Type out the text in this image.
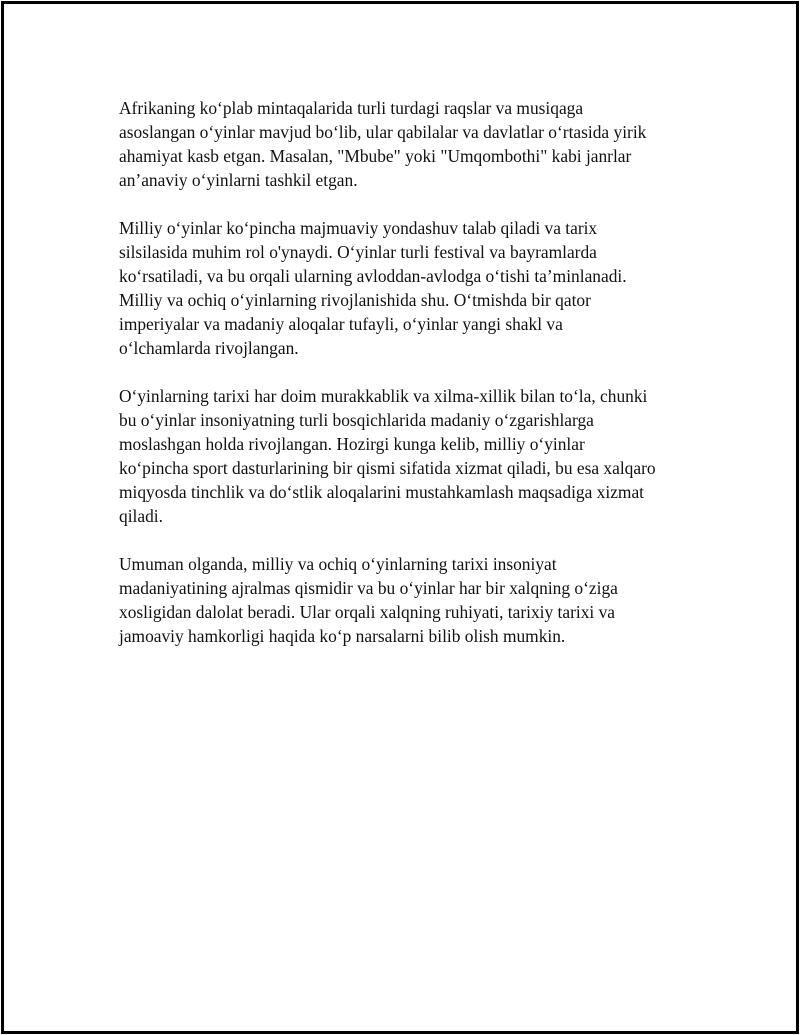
Afrikaning ko‘plab mintaqalarida turli turdagi raqslar va musiqaga
asoslangan o‘yinlar mavjud bo‘lib, ular qabilalar va davlatlar o‘rtasida yirik
ahamiyat kasb etgan. Masalan, "Mbube" yoki "Umqombothi" kabi janrlar
an’anaviy o‘yinlarni tashkil etgan.

Milliy o‘yinlar ko‘pincha majmuaviy yondashuv talab qiladi va tarix
silsilasida muhim rol o'ynaydi. O‘yinlar turli festival va bayramlarda
ko‘rsatiladi, va bu orqali ularning avloddan-avlodga o‘tishi ta’minlanadi.
Milliy va ochiq o‘yinlarning rivojlanishida shu. O‘tmishda bir qator
imperiyalar va madaniy aloqalar tufayli, o‘yinlar yangi shakl va
o‘lchamlarda rivojlangan.

O‘yinlarning tarixi har doim murakkablik va xilma-xillik bilan to‘la, chunki
bu o‘yinlar insoniyatning turli bosqichlarida madaniy o‘zgarishlarga
moslashgan holda rivojlangan. Hozirgi kunga kelib, milliy o‘yinlar
ko‘pincha sport dasturlarining bir qismi sifatida xizmat qiladi, bu esa xalqaro
miqyosda tinchlik va do‘stlik aloqalarini mustahkamlash maqsadiga xizmat
qiladi.

Umuman olganda, milliy va ochiq o‘yinlarning tarixi insoniyat
madaniyatining ajralmas qismidir va bu o‘yinlar har bir xalqning o‘ziga
xosligidan dalolat beradi. Ular orqali xalqning ruhiyati, tarixiy tarixi va
jamoaviy hamkorligi haqida ko‘p narsalarni bilib olish mumkin.
